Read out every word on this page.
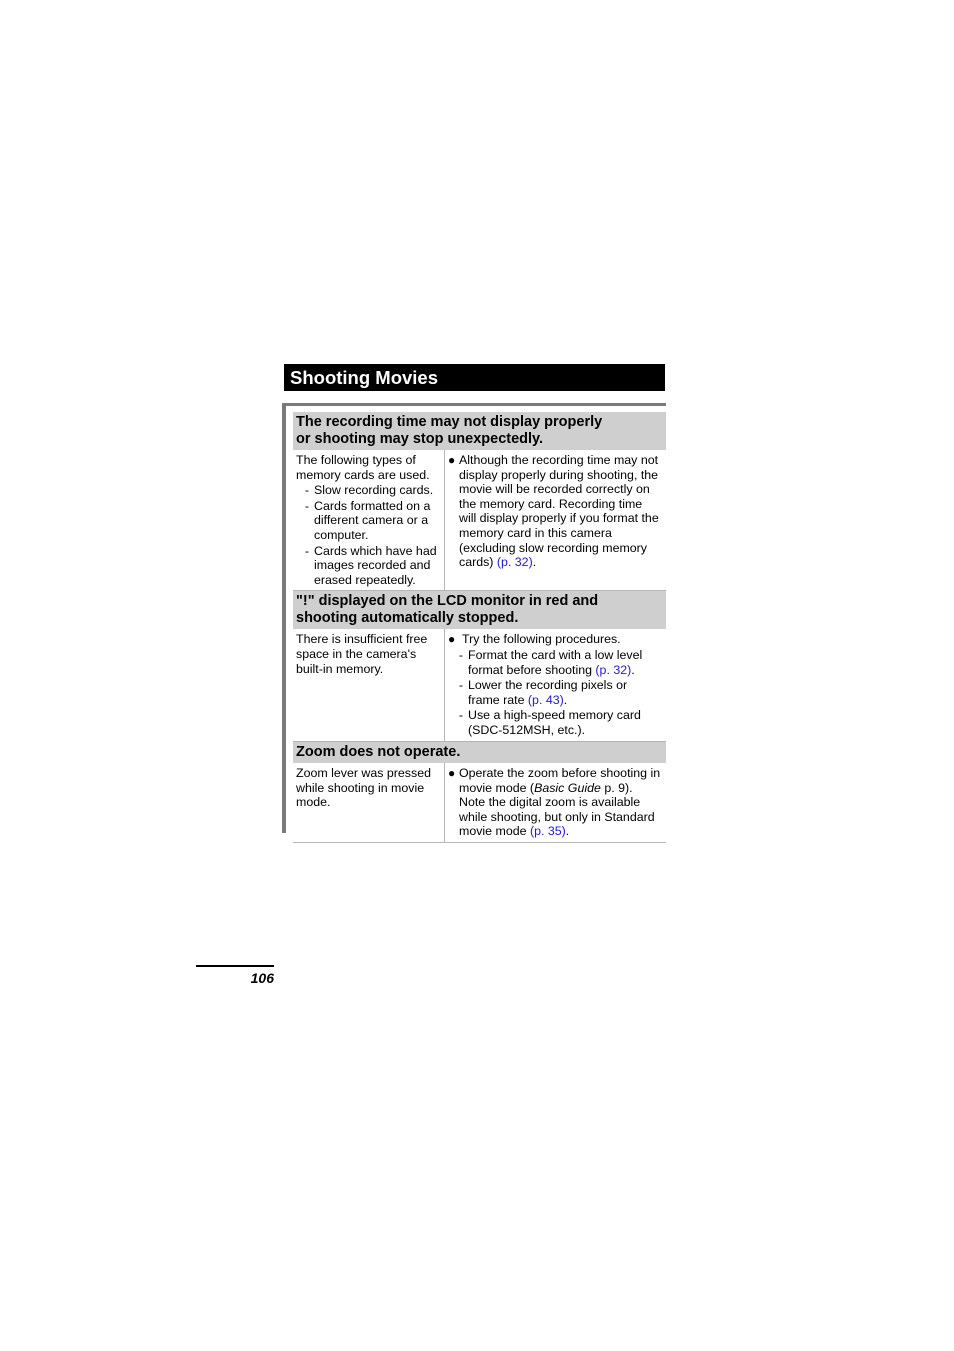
Shooting Movies
The recording time may not display properly
or shooting may stop unexpectedly.
The following types of memory cards are used.
- Slow recording cards.
- Cards formatted on a different camera or a computer.
- Cards which have had images recorded and erased repeatedly.
● Although the recording time may not display properly during shooting, the movie will be recorded correctly on the memory card. Recording time will display properly if you format the memory card in this camera (excluding slow recording memory cards) (p. 32).
"!" displayed on the LCD monitor in red and
shooting automatically stopped.
There is insufficient free space in the camera's built-in memory.
● Try the following procedures.
- Format the card with a low level format before shooting (p. 32).
- Lower the recording pixels or frame rate (p. 43).
- Use a high-speed memory card (SDC-512MSH, etc.).
Zoom does not operate.
Zoom lever was pressed while shooting in movie mode.
● Operate the zoom before shooting in movie mode (Basic Guide p. 9). Note the digital zoom is available while shooting, but only in Standard movie mode (p. 35).
106
